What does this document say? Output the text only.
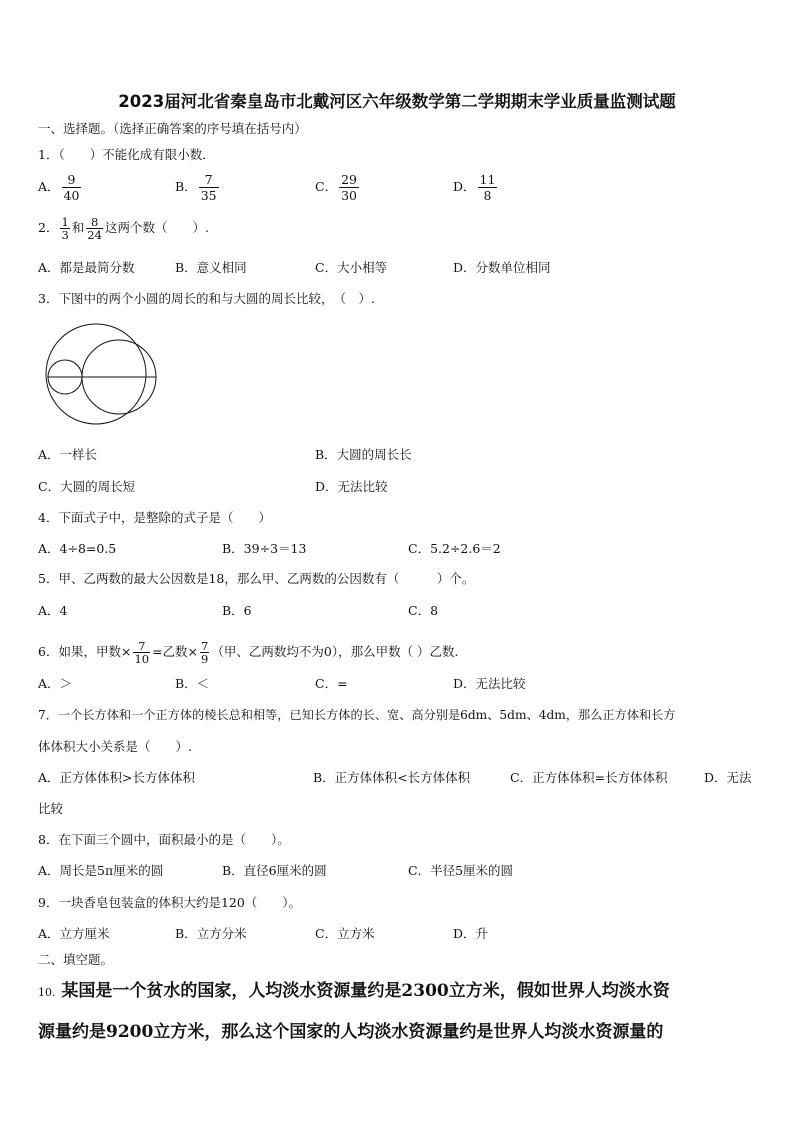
2023届河北省秦皇岛市北戴河区六年级数学第二学期期末学业质量监测试题
一、选择题。（选择正确答案的序号填在括号内）
1．（　　）不能化成有限小数．
A． $\frac{9}{40}$	B． $\frac{7}{35}$	C． $\frac{29}{30}$	D． $\frac{11}{8}$
2． $\frac{1}{3}$ 和 $\frac{8}{24}$ 这两个数（　　）.
A．都是最简分数	B．意义相同	C．大小相等	D．分数单位相同
3．下图中的两个小圆的周长的和与大圆的周长比较，　（　）.
A．一样长	B．大圆的周长长
C．大圆的周长短	D．无法比较
4．下面式子中，是整除的式子是（　　）
A．4÷8=0.5	B．39÷3＝13	C．5.2÷2.6＝2
5．甲、乙两数的最大公因数是18，那么甲、乙两数的公因数有（　　　）个。
A．4	B．6	C．8
6．如果，甲数× $\frac{7}{10}$ =乙数× $\frac{7}{9}$ （甲、乙两数均不为0），那么甲数（ ）乙数.
A．＞	B．＜	C．=	D．无法比较
7．一个长方体和一个正方体的棱长总和相等，已知长方体的长、宽、高分别是6dm、5dm、4dm，那么正方体和长方
体体积大小关系是（　　）.
A．正方体体积>长方体体积	B．正方体体积<长方体体积	C．正方体体积=长方体体积	D．无法
比较
8．在下面三个圆中，面积最小的是（　　）。
A．周长是5π厘米的圆	B．直径6厘米的圆	C．半径5厘米的圆
9．一块香皂包装盒的体积大约是120（　　）。
A．立方厘米	B．立方分米	C．立方米	D．升
二、填空题。
10. 某国是一个贫水的国家，人均淡水资源量约是2300立方米，假如世界人均淡水资
源量约是9200立方米，那么这个国家的人均淡水资源量约是世界人均淡水资源量的
